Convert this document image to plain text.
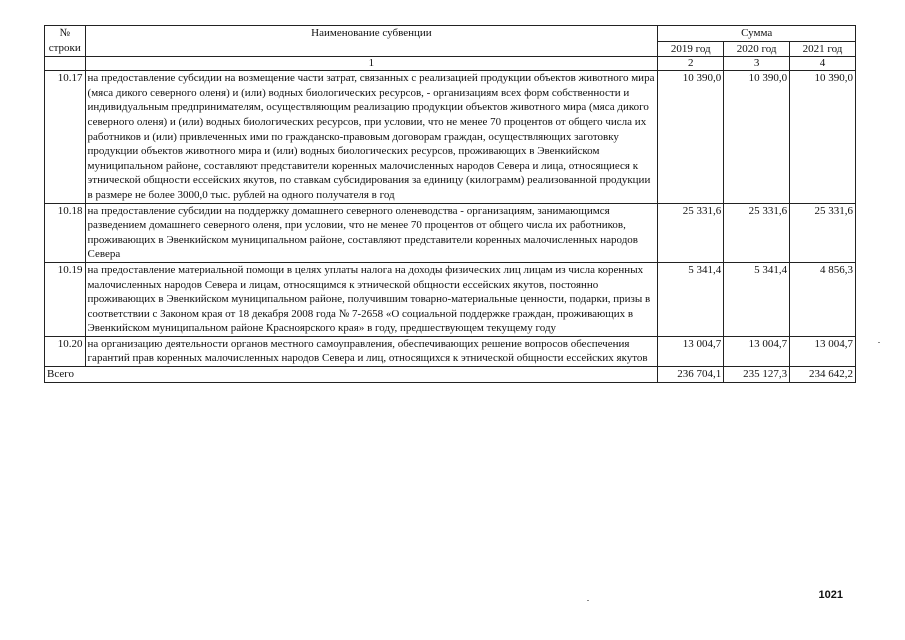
№
строки	Наименование субвенции	Сумма		
		2019 год	2020 год	2021 год
	1	2	3	4
10.17	на предоставление субсидии на возмещение части затрат, связанных с реализацией продукции объектов животного мира (мяса дикого северного оленя) и (или) водных биологических ресурсов, - организациям всех форм собственности и индивидуальным предпринимателям, осуществляющим реализацию продукции объектов животного мира (мяса дикого северного оленя) и (или) водных биологических ресурсов, при условии, что не менее 70 процентов от общего числа их работников и (или) привлеченных ими по гражданско-правовым договорам граждан, осуществляющих заготовку продукции объектов животного мира и (или) водных биологических ресурсов, проживающих в Эвенкийском муниципальном районе, составляют представители коренных малочисленных народов Севера и лица, относящиеся к этнической общности ессейских якутов, по ставкам субсидирования за единицу (килограмм) реализованной продукции в размере не более 3000,0 тыс. рублей на одного получателя в год	10 390,0	10 390,0	10 390,0
10.18	на предоставление субсидии на поддержку домашнего северного оленеводства - организациям, занимающимся разведением домашнего северного оленя, при условии, что не менее 70 процентов от общего числа их работников, проживающих в Эвенкийском муниципальном районе, составляют представители коренных малочисленных народов Севера	25 331,6	25 331,6	25 331,6
10.19	на предоставление материальной помощи в целях уплаты налога на доходы физических лиц лицам из числа коренных малочисленных народов Севера и лицам, относящимся к этнической общности ессейских якутов, постоянно проживающих в Эвенкийском муниципальном районе, получившим товарно-материальные ценности, подарки, призы в соответствии с Законом края от 18 декабря 2008 года № 7-2658 «О социальной поддержке граждан, проживающих в Эвенкийском муниципальном районе Красноярского края» в году, предшествующем текущему году	5 341,4	5 341,4	4 856,3
10.20	на организацию деятельности органов местного самоуправления, обеспечивающих решение вопросов обеспечения гарантий прав коренных малочисленных народов Севера и лиц, относящихся к этнической общности ессейских якутов	13 004,7	13 004,7	13 004,7
Всего		236 704,1	235 127,3	234 642,2
1021
